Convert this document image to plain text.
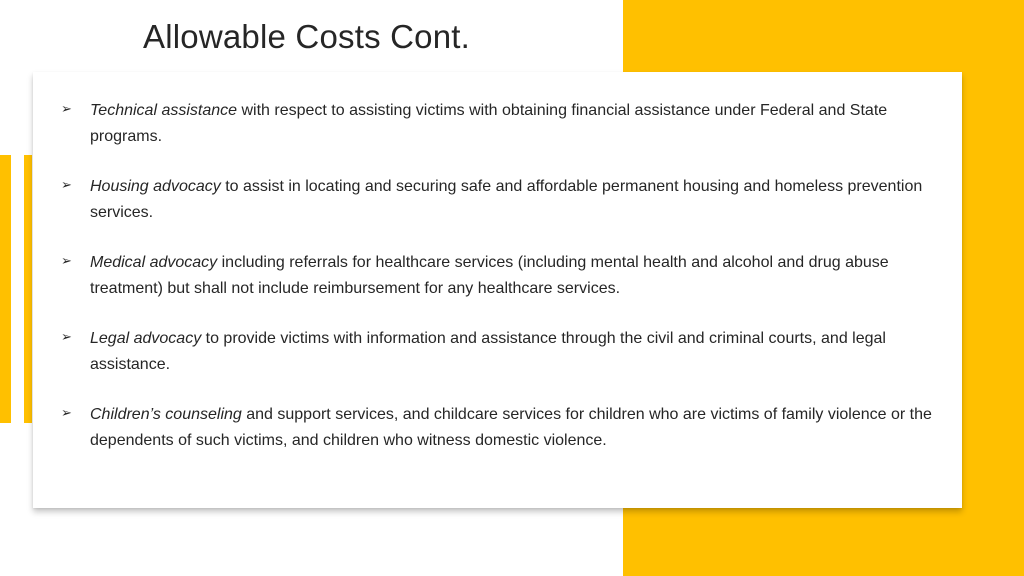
Allowable Costs Cont.
➢ Technical assistance with respect to assisting victims with obtaining financial assistance under Federal and State programs.
➢ Housing advocacy to assist in locating and securing safe and affordable permanent housing and homeless prevention services.
➢ Medical advocacy including referrals for healthcare services (including mental health and alcohol and drug abuse treatment) but shall not include reimbursement for any healthcare services.
➢ Legal advocacy to provide victims with information and assistance through the civil and criminal courts, and legal assistance.
➢ Children’s counseling and support services, and childcare services for children who are victims of family violence or the dependents of such victims, and children who witness domestic violence.
